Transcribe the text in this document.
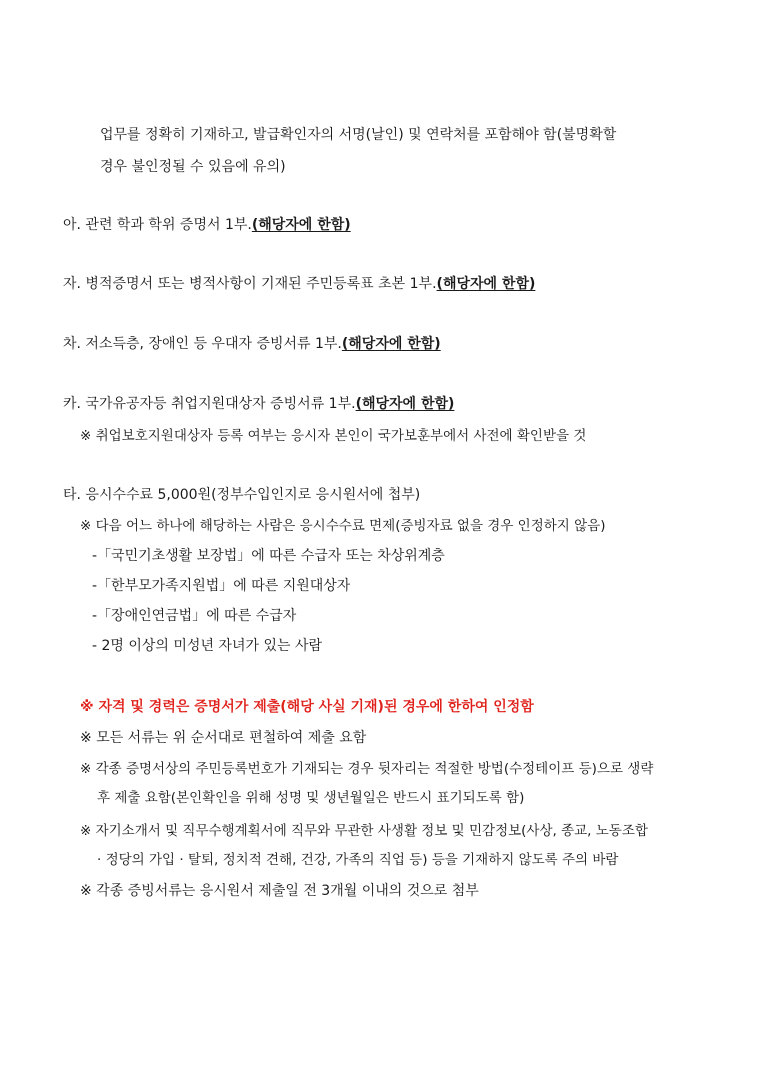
업무를 정확히 기재하고, 발급확인자의 서명(날인) 및 연락처를 포함해야 함(불명확할
경우 불인정될 수 있음에 유의)
아. 관련 학과 학위 증명서 1부.(해당자에 한함)
자. 병적증명서 또는 병적사항이 기재된 주민등록표 초본 1부.(해당자에 한함)
차. 저소득층, 장애인 등 우대자 증빙서류 1부.(해당자에 한함)
카. 국가유공자등 취업지원대상자 증빙서류 1부.(해당자에 한함)
※ 취업보호지원대상자 등록 여부는 응시자 본인이 국가보훈부에서 사전에 확인받을 것
타. 응시수수료 5,000원(정부수입인지로 응시원서에 첩부)
※ 다음 어느 하나에 해당하는 사람은 응시수수료 면제(증빙자료 없을 경우 인정하지 않음)
-「국민기초생활 보장법」에 따른 수급자 또는 차상위계층
-「한부모가족지원법」에 따른 지원대상자
-「장애인연금법」에 따른 수급자
- 2명 이상의 미성년 자녀가 있는 사람
※ 자격 및 경력은 증명서가 제출(해당 사실 기재)된 경우에 한하여 인정함
※ 모든 서류는 위 순서대로 편철하여 제출 요함
※ 각종 증명서상의 주민등록번호가 기재되는 경우 뒷자리는 적절한 방법(수정테이프 등)으로 생략
후 제출 요함(본인확인을 위해 성명 및 생년월일은 반드시 표기되도록 함)
※ 자기소개서 및 직무수행계획서에 직무와 무관한 사생활 정보 및 민감정보(사상, 종교, 노동조합
· 정당의 가입 · 탈퇴, 정치적 견해, 건강, 가족의 직업 등) 등을 기재하지 않도록 주의 바람
※ 각종 증빙서류는 응시원서 제출일 전 3개월 이내의 것으로 첨부
